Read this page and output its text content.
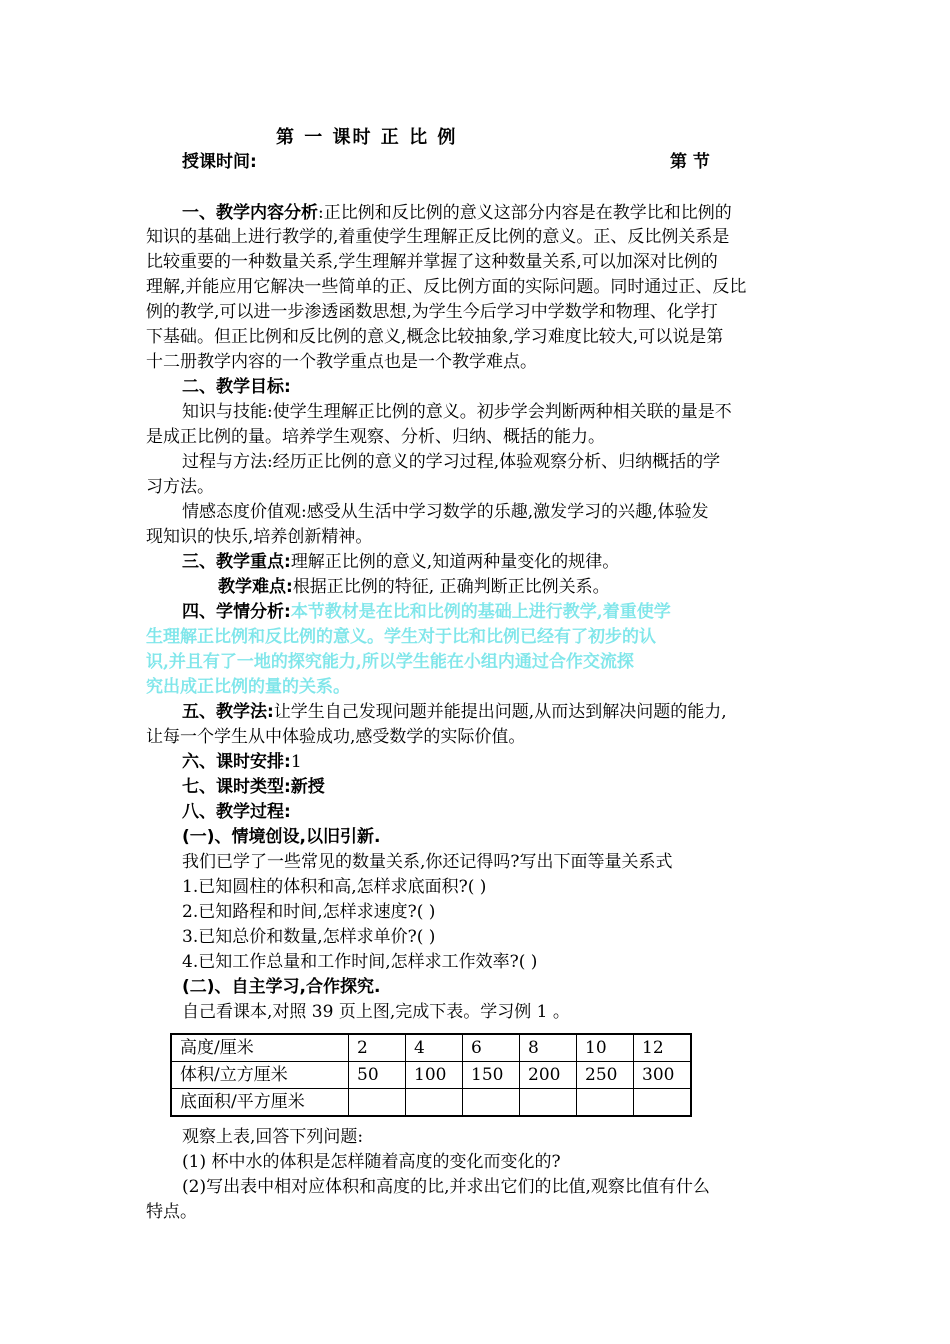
第 一 课时 正 比 例
授课时间:	第 节
一、教学内容分析:正比例和反比例的意义这部分内容是在教学比和比例的
知识的基础上进行教学的,着重使学生理解正反比例的意义。正、反比例关系是
比较重要的一种数量关系,学生理解并掌握了这种数量关系,可以加深对比例的
理解,并能应用它解决一些简单的正、反比例方面的实际问题。同时通过正、反比
例的教学,可以进一步渗透函数思想,为学生今后学习中学数学和物理、化学打
下基础。但正比例和反比例的意义,概念比较抽象,学习难度比较大,可以说是第
十二册教学内容的一个教学重点也是一个教学难点。
二、教学目标:
知识与技能:使学生理解正比例的意义。初步学会判断两种相关联的量是不
是成正比例的量。培养学生观察、分析、归纳、概括的能力。
过程与方法:经历正比例的意义的学习过程,体验观察分析、归纳概括的学
习方法。
情感态度价值观:感受从生活中学习数学的乐趣,激发学习的兴趣,体验发
现知识的快乐,培养创新精神。
三、教学重点:理解正比例的意义,知道两种量变化的规律。
教学难点:根据正比例的特征, 正确判断正比例关系。
四、学情分析:本节教材是在比和比例的基础上进行教学,着重使学
生理解正比例和反比例的意义。学生对于比和比例已经有了初步的认
识,并且有了一地的探究能力,所以学生能在小组内通过合作交流探
究出成正比例的量的关系。
五、教学法:让学生自己发现问题并能提出问题,从而达到解决问题的能力,
让每一个学生从中体验成功,感受数学的实际价值。
六、课时安排:1
七、课时类型:新授
八、教学过程:
(一)、情境创设,以旧引新.
我们已学了一些常见的数量关系,你还记得吗?写出下面等量关系式
1.已知圆柱的体积和高,怎样求底面积?( )
2.已知路程和时间,怎样求速度?( )
3.已知总价和数量,怎样求单价?( )
4.已知工作总量和工作时间,怎样求工作效率?( )
(二)、自主学习,合作探究.
自己看课本,对照 39 页上图,完成下表。学习例 1 。
高度/厘米	2	4	6	8	10	12
体积/立方厘米	50	100	150	200	250	300
底面积/平方厘米						
观察上表,回答下列问题:
(1) 杯中水的体积是怎样随着高度的变化而变化的?
(2)写出表中相对应体积和高度的比,并求出它们的比值,观察比值有什么
特点。
